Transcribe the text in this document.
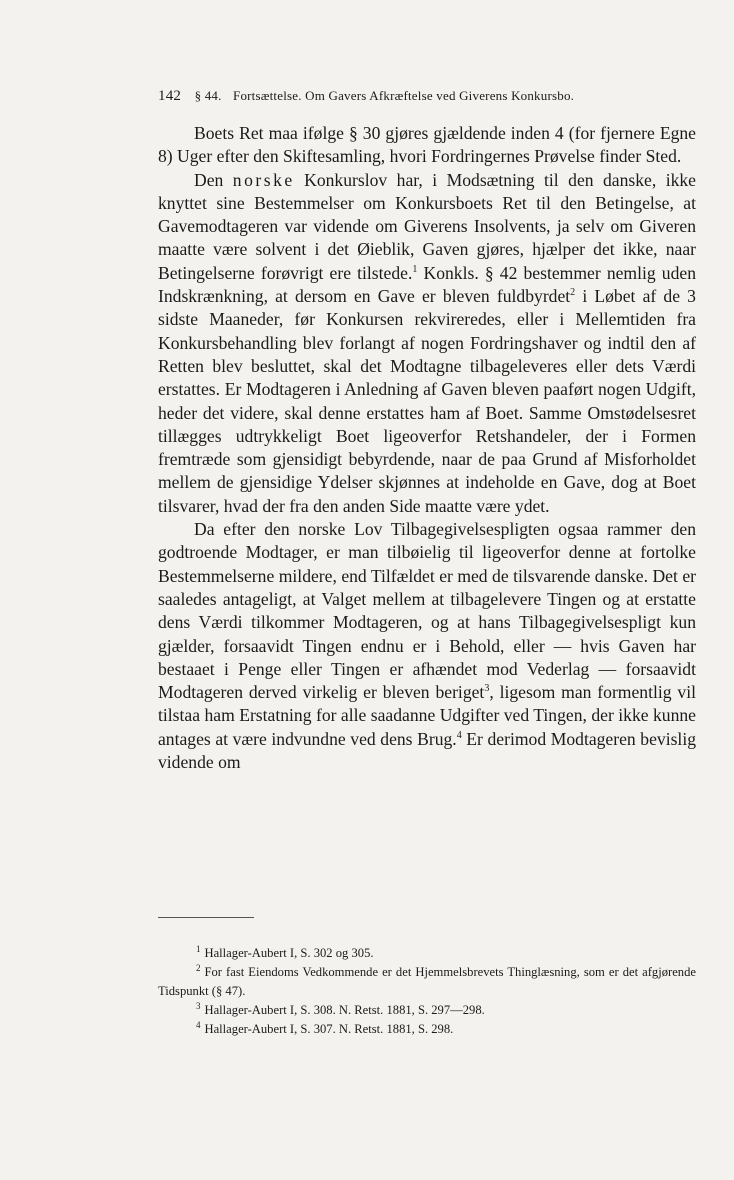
142 § 44. Fortsættelse. Om Gavers Afkræftelse ved Giverens Konkursbo.

Boets Ret maa ifølge § 30 gjøres gjældende inden 4 (for fjernere Egne 8) Uger efter den Skiftesamling, hvori Fordringernes Prøvelse finder Sted.

Den norske Konkurslov har, i Modsætning til den danske, ikke knyttet sine Bestemmelser om Konkursboets Ret til den Betingelse, at Gavemodtageren var vidende om Giverens Insolvents, ja selv om Giveren maatte være solvent i det Øieblik, Gaven gjøres, hjælper det ikke, naar Betingelserne forøvrigt ere tilstede.$^1$ Konkls. § 42 bestemmer nemlig uden Indskrænkning, at dersom en Gave er bleven fuldbyrdet$^2$ i Løbet af de 3 sidste Maaneder, før Konkursen rekvireredes, eller i Mellemtiden fra Konkursbehandling blev forlangt af nogen Fordringshaver og indtil den af Retten blev besluttet, skal det Modtagne tilbageleveres eller dets Værdi erstattes. Er Modtageren i Anledning af Gaven bleven paaført nogen Udgift, heder det videre, skal denne erstattes ham af Boet. Samme Omstødelsesret tillægges udtrykkeligt Boet ligeoverfor Retshandeler, der i Formen fremtræde som gjensidigt bebyrdende, naar de paa Grund af Misforholdet mellem de gjensidige Ydelser skjønnes at indeholde en Gave, dog at Boet tilsvarer, hvad der fra den anden Side maatte være ydet.

Da efter den norske Lov Tilbagegivelsespligten ogsaa rammer den godtroende Modtager, er man tilbøielig til ligeoverfor denne at fortolke Bestemmelserne mildere, end Tilfældet er med de tilsvarende danske. Det er saaledes antageligt, at Valget mellem at tilbagelevere Tingen og at erstatte dens Værdi tilkommer Modtageren, og at hans Tilbagegivelsespligt kun gjælder, forsaavidt Tingen endnu er i Behold, eller — hvis Gaven har bestaaet i Penge eller Tingen er afhændet mod Vederlag — forsaavidt Modtageren derved virkelig er bleven beriget$^3$, ligesom man formentlig vil tilstaa ham Erstatning for alle saadanne Udgifter ved Tingen, der ikke kunne antages at være indvundne ved dens Brug.$^4$ Er derimod Modtageren bevislig vidende om

$^1$ Hallager-Aubert I, S. 302 og 305.

$^2$ For fast Eiendoms Vedkommende er det Hjemmelsbrevets Thinglæsning, som er det afgjørende Tidspunkt (§ 47).

$^3$ Hallager-Aubert I, S. 308. N. Retst. 1881, S. 297—298.

$^4$ Hallager-Aubert I, S. 307. N. Retst. 1881, S. 298.
